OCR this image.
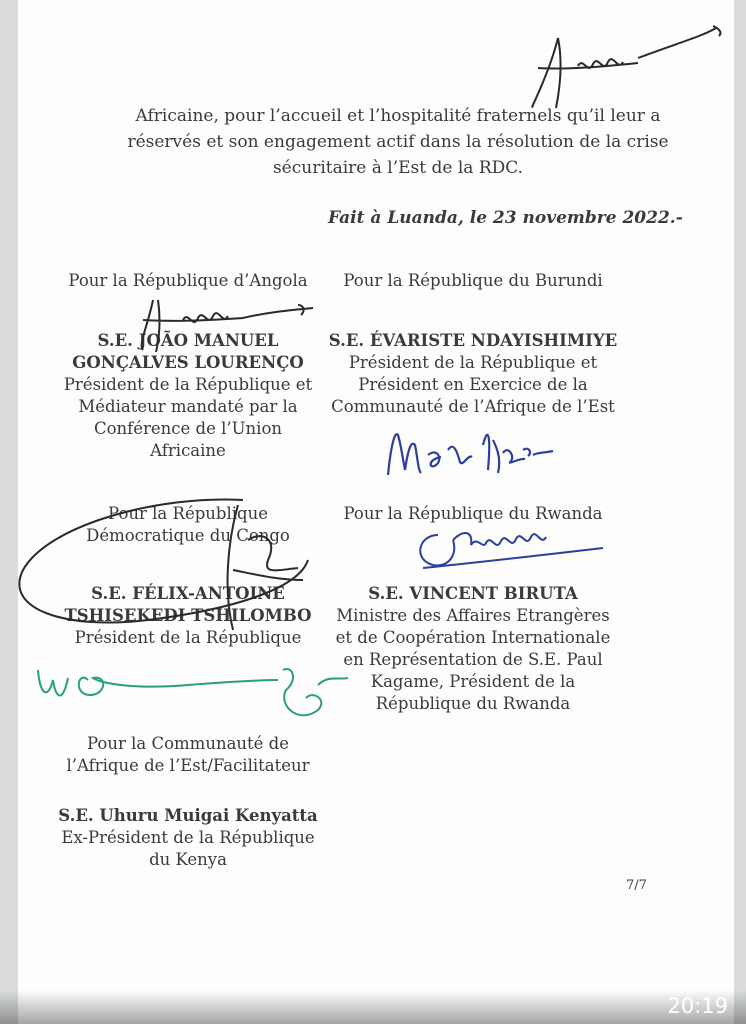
Africaine, pour l’accueil et l’hospitalité fraternels qu’il leur a
réservés et son engagement actif dans la résolution de la crise
sécuritaire à l’Est de la RDC.
Fait à Luanda, le 23 novembre 2022.-
Pour la République d’Angola
S.E. JOÃO MANUEL
GONÇALVES LOURENÇO
Président de la République et
Médiateur mandaté par la
Conférence de l’Union
Africaine
Pour la République du Burundi
S.E. ÉVARISTE NDAYISHIMIYE
Président de la République et
Président en Exercice de la
Communauté de l’Afrique de l’Est
Pour la République
Démocratique du Congo
S.E. FÉLIX-ANTOINE
TSHISEKEDI TSHILOMBO
Président de la République
Pour la République du Rwanda
S.E. VINCENT BIRUTA
Ministre des Affaires Etrangères
et de Coopération Internationale
en Représentation de S.E. Paul
Kagame, Président de la
République du Rwanda
Pour la Communauté de
l’Afrique de l’Est/Facilitateur
S.E. Uhuru Muigai Kenyatta
Ex-Président de la République
du Kenya
7/7
20:19
